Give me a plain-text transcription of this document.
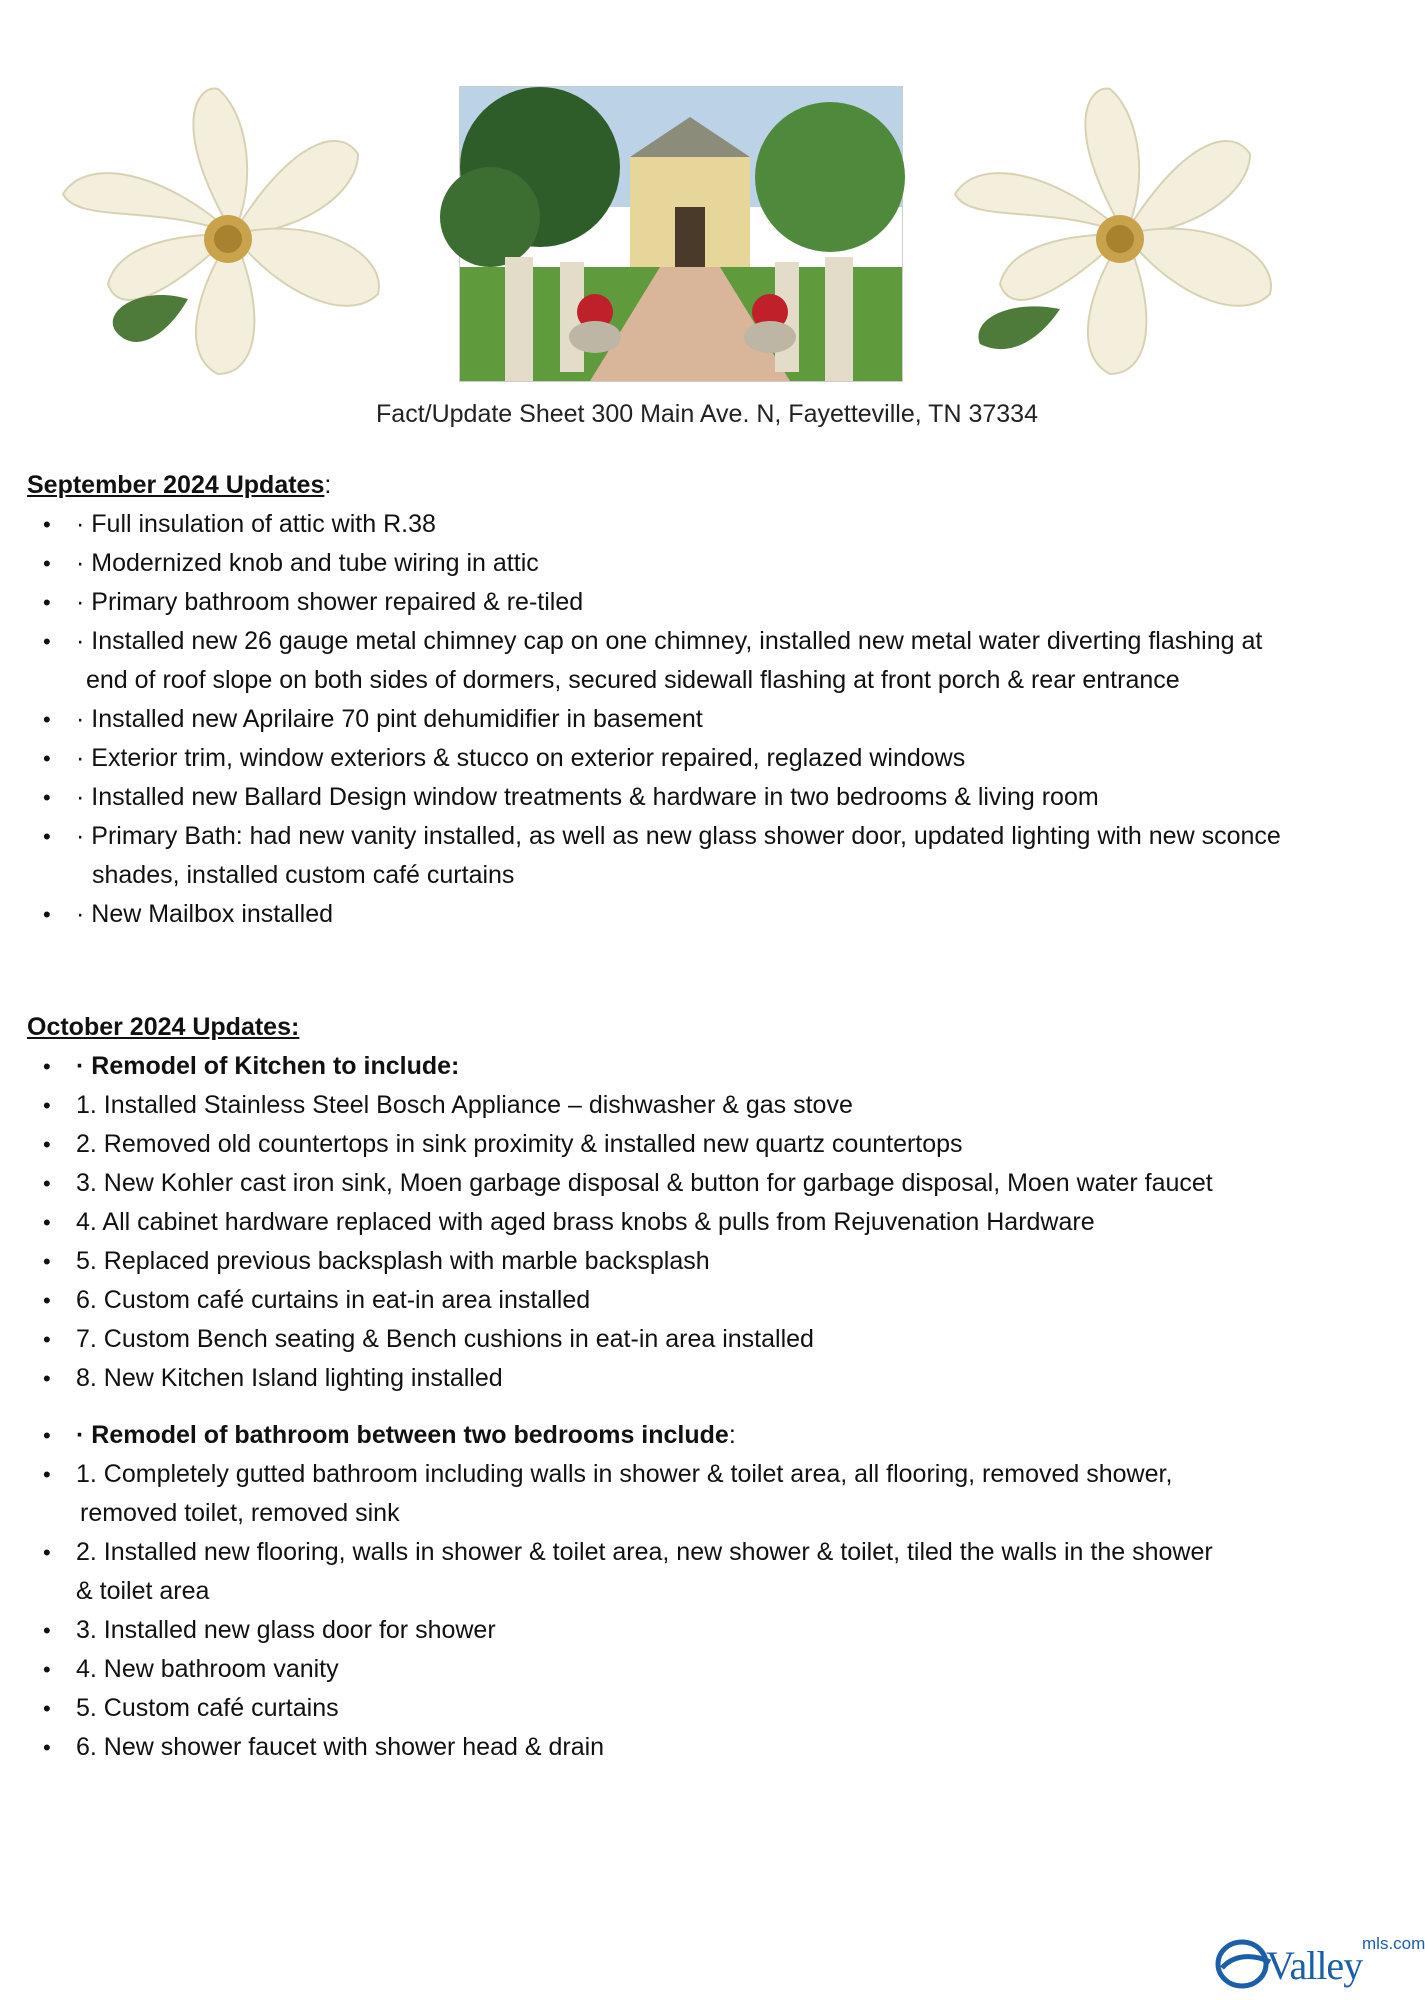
Fact/Update Sheet 300 Main Ave. N, Fayetteville, TN 37334
September 2024 Updates:
• · Full insulation of attic with R.38
• · Modernized knob and tube wiring in attic
• · Primary bathroom shower repaired & re-tiled
• · Installed new 26 gauge metal chimney cap on one chimney, installed new metal water diverting flashing at
end of roof slope on both sides of dormers, secured sidewall flashing at front porch & rear entrance
• · Installed new Aprilaire 70 pint dehumidifier in basement
• · Exterior trim, window exteriors & stucco on exterior repaired, reglazed windows
• · Installed new Ballard Design window treatments & hardware in two bedrooms & living room
• · Primary Bath: had new vanity installed, as well as new glass shower door, updated lighting with new sconce
shades, installed custom café curtains
• · New Mailbox installed
October 2024 Updates:
• · Remodel of Kitchen to include:
• 1. Installed Stainless Steel Bosch Appliance – dishwasher & gas stove
• 2. Removed old countertops in sink proximity & installed new quartz countertops
• 3. New Kohler cast iron sink, Moen garbage disposal & button for garbage disposal, Moen water faucet
• 4. All cabinet hardware replaced with aged brass knobs & pulls from Rejuvenation Hardware
• 5. Replaced previous backsplash with marble backsplash
• 6. Custom café curtains in eat-in area installed
• 7. Custom Bench seating & Bench cushions in eat-in area installed
• 8. New Kitchen Island lighting installed
• · Remodel of bathroom between two bedrooms include:
• 1. Completely gutted bathroom including walls in shower & toilet area, all flooring, removed shower,
removed toilet, removed sink
• 2. Installed new flooring, walls in shower & toilet area, new shower & toilet, tiled the walls in the shower
& toilet area
• 3. Installed new glass door for shower
• 4. New bathroom vanity
• 5. Custom café curtains
• 6. New shower faucet with shower head & drain
Valley mls.com
